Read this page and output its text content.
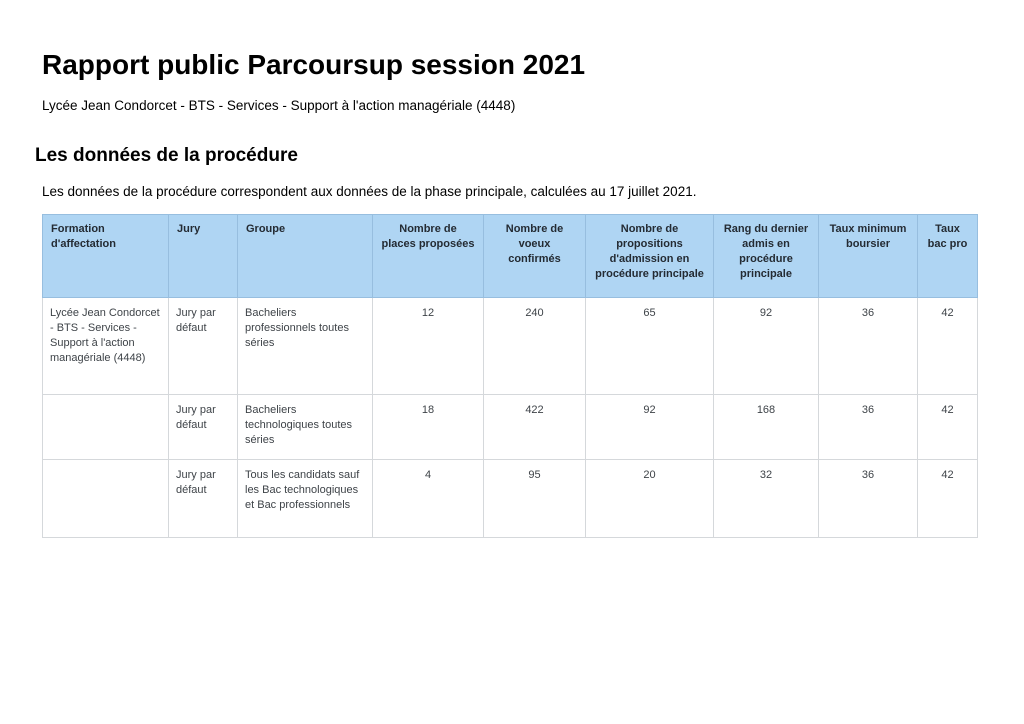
Rapport public Parcoursup session 2021

Lycée Jean Condorcet - BTS - Services - Support à l'action managériale (4448)

Les données de la procédure

Les données de la procédure correspondent aux données de la phase principale, calculées au 17 juillet 2021.

Formation d'affectation	Jury	Groupe	Nombre de places proposées	Nombre de voeux confirmés	Nombre de propositions d'admission en procédure principale	Rang du dernier admis en procédure principale	Taux minimum boursier	Taux bac pro
Lycée Jean Condorcet - BTS - Services - Support à l'action managériale (4448)	Jury par défaut	Bacheliers professionnels toutes séries	12	240	65	92	36	42
	Jury par défaut	Bacheliers technologiques toutes séries	18	422	92	168	36	42
	Jury par défaut	Tous les candidats sauf les Bac technologiques et Bac professionnels	4	95	20	32	36	42
